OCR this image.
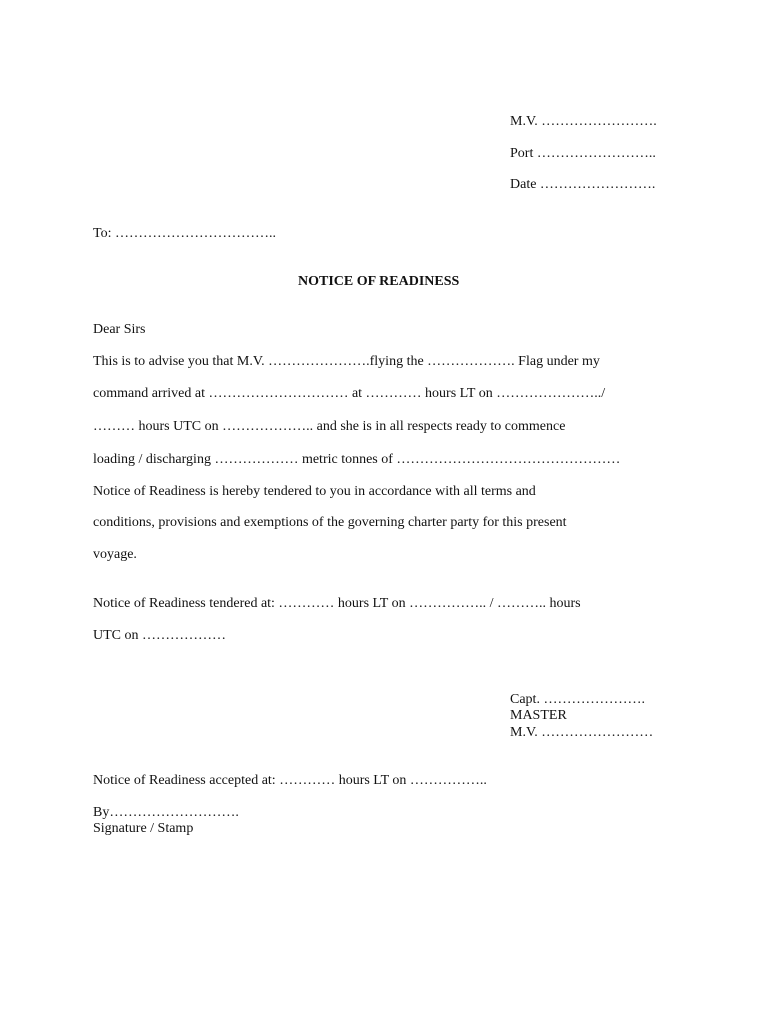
M.V. …………………….
Port ……………………..
Date …………………….
To: ……………………………..
NOTICE OF READINESS
Dear Sirs
This is to advise you that M.V. ………………….flying the ………………. Flag under my
command arrived at ………………………… at ………… hours LT on …………………../
……… hours UTC on ……………….. and she is in all respects ready to commence
loading / discharging ……………… metric tonnes of …………………………………………
Notice of Readiness is hereby tendered to you in accordance with all terms and
conditions, provisions and exemptions of the governing charter party for this present
voyage.
Notice of Readiness tendered at: ………… hours LT on …………….. / ……….. hours
UTC on ………………
Capt. ………………….
MASTER
M.V. ……………………
Notice of Readiness accepted at: ………… hours LT on ……………..
By……………………….
Signature / Stamp
